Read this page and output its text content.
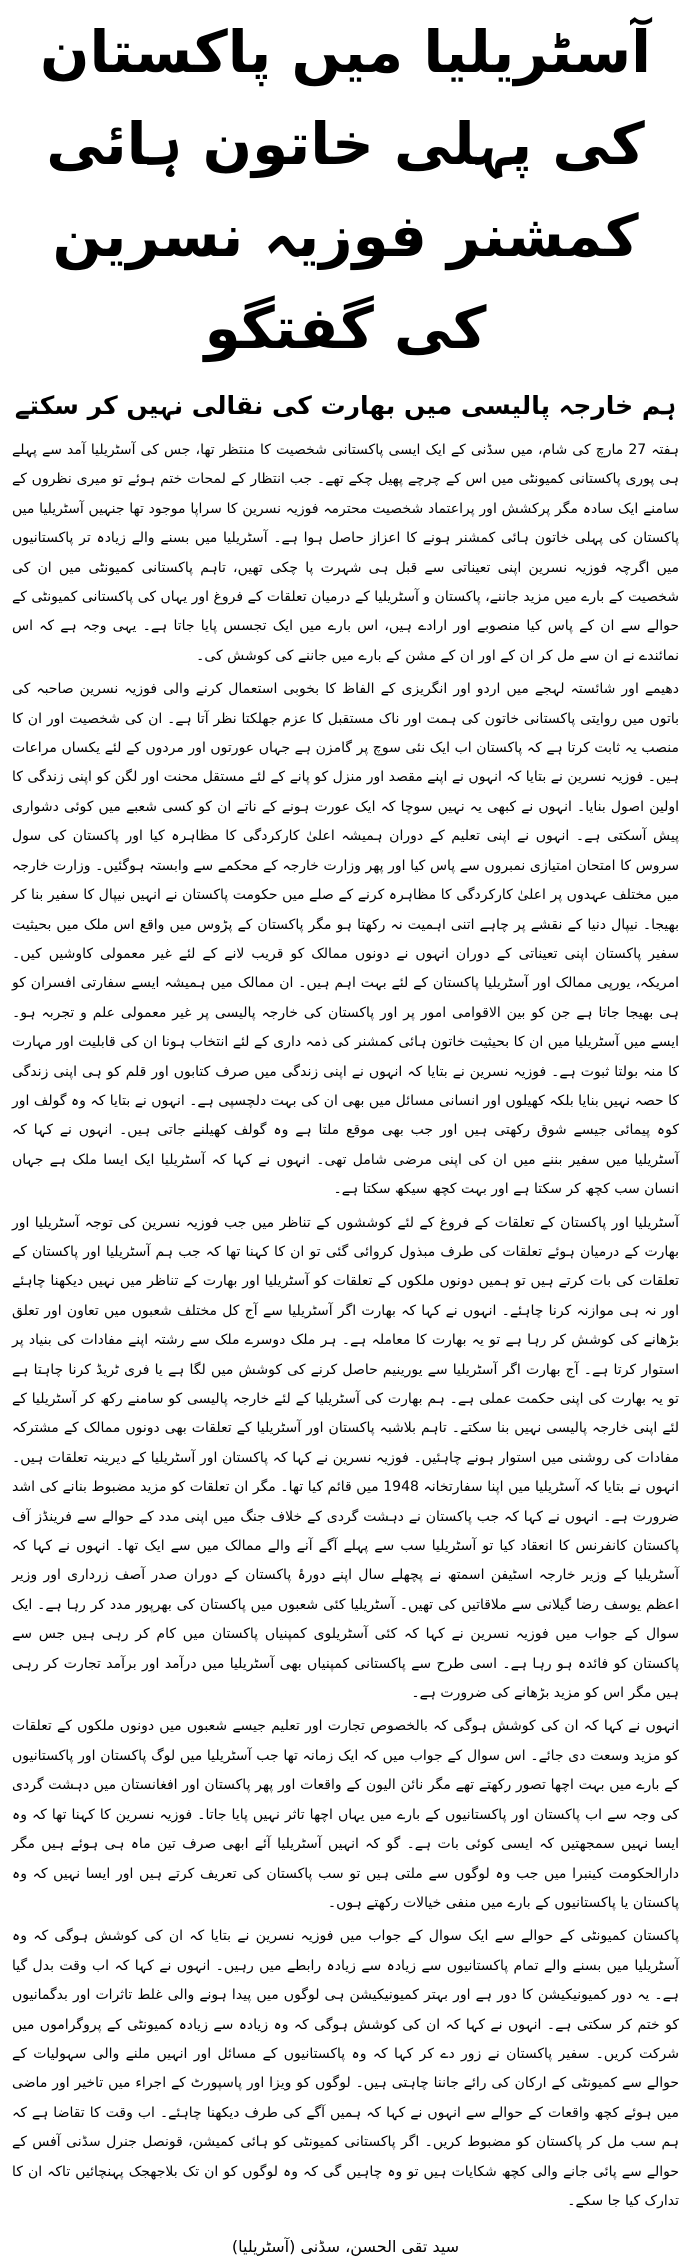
آسٹریلیا میں پاکستان کی پہلی خاتون ہائی
کمشنر فوزیہ نسرین کی گفتگو
ہم خارجہ پالیسی میں بھارت کی نقالی نہیں کر سکتے

ہفتہ 27 مارچ کی شام، میں سڈنی کے ایک ایسی پاکستانی شخصیت کا منتظر تھا، جس کی آسٹریلیا آمد سے پہلے ہی پوری پاکستانی کمیونٹی میں اس کے چرچے پھیل چکے تھے۔ جب انتظار کے لمحات ختم ہوئے تو میری نظروں کے سامنے ایک سادہ مگر پرکشش اور پراعتماد شخصیت محترمہ فوزیہ نسرین کا سراپا موجود تھا جنہیں آسٹریلیا میں پاکستان کی پہلی خاتون ہائی کمشنر ہونے کا اعزاز حاصل ہوا ہے۔ آسٹریلیا میں بسنے والے زیادہ تر پاکستانیوں میں اگرچہ فوزیہ نسرین اپنی تعیناتی سے قبل ہی شہرت پا چکی تھیں، تاہم پاکستانی کمیونٹی میں ان کی شخصیت کے بارے میں مزید جاننے، پاکستان و آسٹریلیا کے درمیان تعلقات کے فروغ اور یہاں کی پاکستانی کمیونٹی کے حوالے سے ان کے پاس کیا منصوبے اور ارادے ہیں، اس بارے میں ایک تجسس پایا جاتا ہے۔ یہی وجہ ہے کہ اس نمائندے نے ان سے مل کر ان کے اور ان کے مشن کے بارے میں جاننے کی کوشش کی۔

دھیمے اور شائستہ لہجے میں اردو اور انگریزی کے الفاظ کا بخوبی استعمال کرنے والی فوزیہ نسرین صاحبہ کی باتوں میں روایتی پاکستانی خاتون کی ہمت اور ناک مستقبل کا عزم جھلکتا نظر آتا ہے۔ ان کی شخصیت اور ان کا منصب یہ ثابت کرتا ہے کہ پاکستان اب ایک نئی سوچ پر گامزن ہے جہاں عورتوں اور مردوں کے لئے یکساں مراعات ہیں۔ فوزیہ نسرین نے بتایا کہ انہوں نے اپنے مقصد اور منزل کو پانے کے لئے مستقل محنت اور لگن کو اپنی زندگی کا اولین اصول بنایا۔ انہوں نے کبھی یہ نہیں سوچا کہ ایک عورت ہونے کے ناتے ان کو کسی شعبے میں کوئی دشواری پیش آسکتی ہے۔ انہوں نے اپنی تعلیم کے دوران ہمیشہ اعلیٰ کارکردگی کا مظاہرہ کیا اور پاکستان کی سول سروس کا امتحان امتیازی نمبروں سے پاس کیا اور پھر وزارت خارجہ کے محکمے سے وابستہ ہوگئیں۔ وزارت خارجہ میں مختلف عہدوں پر اعلیٰ کارکردگی کا مظاہرہ کرنے کے صلے میں حکومت پاکستان نے انہیں نیپال کا سفیر بنا کر بھیجا۔ نیپال دنیا کے نقشے پر چاہے اتنی اہمیت نہ رکھتا ہو مگر پاکستان کے پڑوس میں واقع اس ملک میں بحیثیت سفیر پاکستان اپنی تعیناتی کے دوران انہوں نے دونوں ممالک کو قریب لانے کے لئے غیر معمولی کاوشیں کیں۔ امریکہ، یورپی ممالک اور آسٹریلیا پاکستان کے لئے بہت اہم ہیں۔ ان ممالک میں ہمیشہ ایسے سفارتی افسران کو ہی بھیجا جاتا ہے جن کو بین الاقوامی امور پر اور پاکستان کی خارجہ پالیسی پر غیر معمولی علم و تجربہ ہو۔ ایسے میں آسٹریلیا میں ان کا بحیثیت خاتون ہائی کمشنر کی ذمہ داری کے لئے انتخاب ہونا ان کی قابلیت اور مہارت کا منہ بولتا ثبوت ہے۔ فوزیہ نسرین نے بتایا کہ انہوں نے اپنی زندگی میں صرف کتابوں اور قلم کو ہی اپنی زندگی کا حصہ نہیں بنایا بلکہ کھیلوں اور انسانی مسائل میں بھی ان کی بہت دلچسپی ہے۔ انہوں نے بتایا کہ وہ گولف اور کوہ پیمائی جیسے شوق رکھتی ہیں اور جب بھی موقع ملتا ہے وہ گولف کھیلنے جاتی ہیں۔ انہوں نے کہا کہ آسٹریلیا میں سفیر بننے میں ان کی اپنی مرضی شامل تھی۔ انہوں نے کہا کہ آسٹریلیا ایک ایسا ملک ہے جہاں انسان سب کچھ کر سکتا ہے اور بہت کچھ سیکھ سکتا ہے۔

آسٹریلیا اور پاکستان کے تعلقات کے فروغ کے لئے کوششوں کے تناظر میں جب فوزیہ نسرین کی توجہ آسٹریلیا اور بھارت کے درمیان ہوئے تعلقات کی طرف مبذول کروائی گئی تو ان کا کہنا تھا کہ جب ہم آسٹریلیا اور پاکستان کے تعلقات کی بات کرتے ہیں تو ہمیں دونوں ملکوں کے تعلقات کو آسٹریلیا اور بھارت کے تناظر میں نہیں دیکھنا چاہئے اور نہ ہی موازنہ کرنا چاہئے۔ انہوں نے کہا کہ بھارت اگر آسٹریلیا سے آج کل مختلف شعبوں میں تعاون اور تعلق بڑھانے کی کوشش کر رہا ہے تو یہ بھارت کا معاملہ ہے۔ ہر ملک دوسرے ملک سے رشتہ اپنے مفادات کی بنیاد پر استوار کرتا ہے۔ آج بھارت اگر آسٹریلیا سے یورینیم حاصل کرنے کی کوشش میں لگا ہے یا فری ٹریڈ کرنا چاہتا ہے تو یہ بھارت کی اپنی حکمت عملی ہے۔ ہم بھارت کی آسٹریلیا کے لئے خارجہ پالیسی کو سامنے رکھ کر آسٹریلیا کے لئے اپنی خارجہ پالیسی نہیں بنا سکتے۔ تاہم بلاشبہ پاکستان اور آسٹریلیا کے تعلقات بھی دونوں ممالک کے مشترکہ مفادات کی روشنی میں استوار ہونے چاہئیں۔ فوزیہ نسرین نے کہا کہ پاکستان اور آسٹریلیا کے دیرینہ تعلقات ہیں۔ انہوں نے بتایا کہ آسٹریلیا میں اپنا سفارتخانہ 1948 میں قائم کیا تھا۔ مگر ان تعلقات کو مزید مضبوط بنانے کی اشد ضرورت ہے۔ انہوں نے کہا کہ جب پاکستان نے دہشت گردی کے خلاف جنگ میں اپنی مدد کے حوالے سے فرینڈز آف پاکستان کانفرنس کا انعقاد کیا تو آسٹریلیا سب سے پہلے آگے آنے والے ممالک میں سے ایک تھا۔ انہوں نے کہا کہ آسٹریلیا کے وزیر خارجہ اسٹیفن اسمتھ نے پچھلے سال اپنے دورۂ پاکستان کے دوران صدر آصف زرداری اور وزیر اعظم یوسف رضا گیلانی سے ملاقاتیں کی تھیں۔ آسٹریلیا کئی شعبوں میں پاکستان کی بھرپور مدد کر رہا ہے۔ ایک سوال کے جواب میں فوزیہ نسرین نے کہا کہ کئی آسٹریلوی کمپنیاں پاکستان میں کام کر رہی ہیں جس سے پاکستان کو فائدہ ہو رہا ہے۔ اسی طرح سے پاکستانی کمپنیاں بھی آسٹریلیا میں درآمد اور برآمد تجارت کر رہی ہیں مگر اس کو مزید بڑھانے کی ضرورت ہے۔

انہوں نے کہا کہ ان کی کوشش ہوگی کہ بالخصوص تجارت اور تعلیم جیسے شعبوں میں دونوں ملکوں کے تعلقات کو مزید وسعت دی جائے۔ اس سوال کے جواب میں کہ ایک زمانہ تھا جب آسٹریلیا میں لوگ پاکستان اور پاکستانیوں کے بارے میں بہت اچھا تصور رکھتے تھے مگر نائن الیون کے واقعات اور پھر پاکستان اور افغانستان میں دہشت گردی کی وجہ سے اب پاکستان اور پاکستانیوں کے بارے میں یہاں اچھا تاثر نہیں پایا جاتا۔ فوزیہ نسرین کا کہنا تھا کہ وہ ایسا نہیں سمجھتیں کہ ایسی کوئی بات ہے۔ گو کہ انہیں آسٹریلیا آئے ابھی صرف تین ماہ ہی ہوئے ہیں مگر دارالحکومت کینبرا میں جب وہ لوگوں سے ملتی ہیں تو سب پاکستان کی تعریف کرتے ہیں اور ایسا نہیں کہ وہ پاکستان یا پاکستانیوں کے بارے میں منفی خیالات رکھتے ہوں۔

پاکستان کمیونٹی کے حوالے سے ایک سوال کے جواب میں فوزیہ نسرین نے بتایا کہ ان کی کوشش ہوگی کہ وہ آسٹریلیا میں بسنے والے تمام پاکستانیوں سے زیادہ سے زیادہ رابطے میں رہیں۔ انہوں نے کہا کہ اب وقت بدل گیا ہے۔ یہ دور کمیونیکیشن کا دور ہے اور بہتر کمیونیکیشن ہی لوگوں میں پیدا ہونے والی غلط تاثرات اور بدگمانیوں کو ختم کر سکتی ہے۔ انہوں نے کہا کہ ان کی کوشش ہوگی کہ وہ زیادہ سے زیادہ کمیونٹی کے پروگراموں میں شرکت کریں۔ سفیر پاکستان نے زور دے کر کہا کہ وہ پاکستانیوں کے مسائل اور انہیں ملنے والی سہولیات کے حوالے سے کمیونٹی کے ارکان کی رائے جاننا چاہتی ہیں۔ لوگوں کو ویزا اور پاسپورٹ کے اجراء میں تاخیر اور ماضی میں ہوئے کچھ واقعات کے حوالے سے انہوں نے کہا کہ ہمیں آگے کی طرف دیکھنا چاہئے۔ اب وقت کا تقاضا ہے کہ ہم سب مل کر پاکستان کو مضبوط کریں۔ اگر پاکستانی کمیونٹی کو ہائی کمیشن، قونصل جنرل سڈنی آفس کے حوالے سے پائی جانے والی کچھ شکایات ہیں تو وہ چاہیں گی کہ وہ لوگوں کو ان تک بلاجھجک پہنچائیں تاکہ ان کا تدارک کیا جا سکے۔

سید تقی الحسن، سڈنی (آسٹریلیا)
